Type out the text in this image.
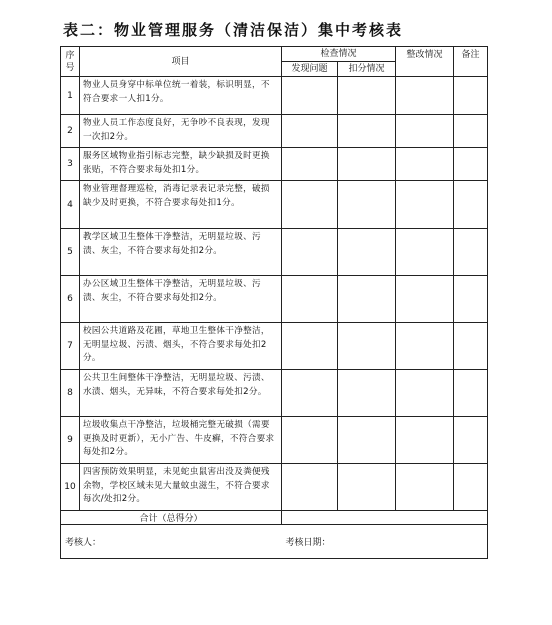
表二：物业管理服务（清洁保洁）集中考核表
序号	项目	检查情况		整改情况	备注
		发现问题	扣分情况		
1	物业人员身穿中标单位统一着装，标识明显，不符合要求一人扣1分。				
2	物业人员工作态度良好，无争吵不良表现，发现一次扣2分。				
3	服务区域物业指引标志完整，缺少缺损及时更换张贴，不符合要求每处扣1分。				
4	物业管理督理巡检，消毒记录表记录完整，破损缺少及时更换，不符合要求每处扣1分。				
5	教学区域卫生整体干净整洁，无明显垃圾、污渍、灰尘，不符合要求每处扣2分。				
6	办公区域卫生整体干净整洁，无明显垃圾、污渍、灰尘，不符合要求每处扣2分。				
7	校园公共道路及花圃，草地卫生整体干净整洁，无明显垃圾、污渍、烟头，不符合要求每处扣2分。				
8	公共卫生间整体干净整洁，无明显垃圾、污渍、水渍、烟头，无异味，不符合要求每处扣2分。				
9	垃圾收集点干净整洁，垃圾桶完整无破损（需要更换及时更新），无小广告、牛皮癣，不符合要求每处扣2分。				
10	四害预防效果明显，未见蛇虫鼠害出没及粪便残余物，学校区域未见大量蚊虫滋生，不符合要求每次/处扣2分。				
合计（总得分）					
考核人：		考核日期：			
